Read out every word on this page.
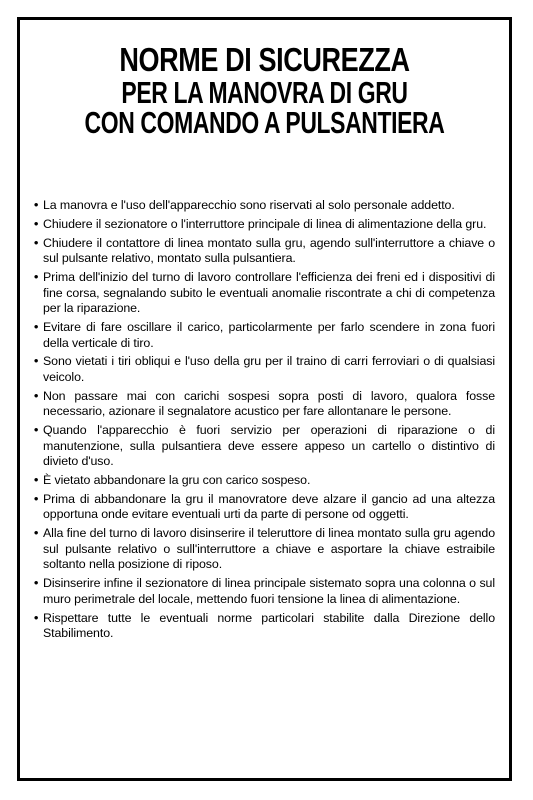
NORME DI SICUREZZA
PER LA MANOVRA DI GRU
CON COMANDO A PULSANTIERA
• La manovra e l'uso dell'apparecchio sono riservati al solo personale addetto.
• Chiudere il sezionatore o l'interruttore principale di linea di alimentazione della gru.
• Chiudere il contattore di linea montato sulla gru, agendo sull'interruttore a chiave o sul pulsante relativo, montato sulla pulsantiera.
• Prima dell'inizio del turno di lavoro controllare l'efficienza dei freni ed i dispositivi di fine corsa, segnalando subito le eventuali anomalie riscontrate a chi di competenza per la riparazione.
• Evitare di fare oscillare il carico, particolarmente per farlo scendere in zona fuori della verticale di tiro.
• Sono vietati i tiri obliqui e l'uso della gru per il traino di carri ferroviari o di qualsiasi veicolo.
• Non passare mai con carichi sospesi sopra posti di lavoro, qualora fosse necessario, azionare il segnalatore acustico per fare allontanare le persone.
• Quando l'apparecchio è fuori servizio per operazioni di riparazione o di manutenzione, sulla pulsantiera deve essere appeso un cartello o distintivo di divieto d'uso.
• È vietato abbandonare la gru con carico sospeso.
• Prima di abbandonare la gru il manovratore deve alzare il gancio ad una altezza opportuna onde evitare eventuali urti da parte di persone od oggetti.
• Alla fine del turno di lavoro disinserire il teleruttore di linea montato sulla gru agendo sul pulsante relativo o sull'interruttore a chiave e asportare la chiave estraibile soltanto nella posizione di riposo.
• Disinserire infine il sezionatore di linea principale sistemato sopra una colonna o sul muro perimetrale del locale, mettendo fuori tensione la linea di alimentazione.
• Rispettare tutte le eventuali norme particolari stabilite dalla Direzione dello Stabilimento.
